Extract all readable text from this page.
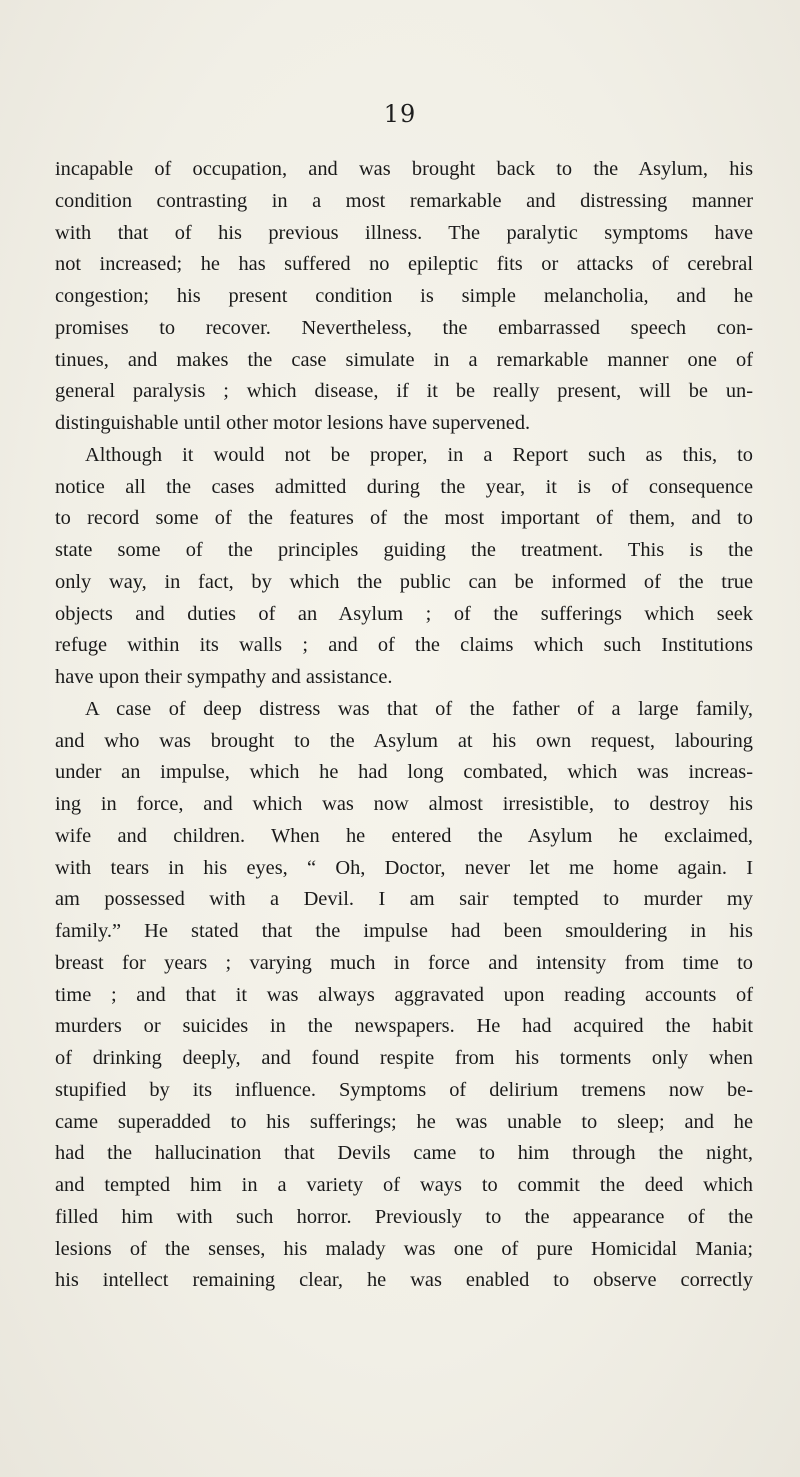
19
incapable of occupation, and was brought back to the Asylum, his
condition contrasting in a most remarkable and distressing manner
with that of his previous illness. The paralytic symptoms have
not increased; he has suffered no epileptic fits or attacks of cerebral
congestion; his present condition is simple melancholia, and he
promises to recover. Nevertheless, the embarrassed speech con-
tinues, and makes the case simulate in a remarkable manner one of
general paralysis ; which disease, if it be really present, will be un-
distinguishable until other motor lesions have supervened.
Although it would not be proper, in a Report such as this, to
notice all the cases admitted during the year, it is of consequence
to record some of the features of the most important of them, and to
state some of the principles guiding the treatment. This is the
only way, in fact, by which the public can be informed of the true
objects and duties of an Asylum ; of the sufferings which seek
refuge within its walls ; and of the claims which such Institutions
have upon their sympathy and assistance.
A case of deep distress was that of the father of a large family,
and who was brought to the Asylum at his own request, labouring
under an impulse, which he had long combated, which was increas-
ing in force, and which was now almost irresistible, to destroy his
wife and children. When he entered the Asylum he exclaimed,
with tears in his eyes, “ Oh, Doctor, never let me home again. I
am possessed with a Devil. I am sair tempted to murder my
family.” He stated that the impulse had been smouldering in his
breast for years ; varying much in force and intensity from time to
time ; and that it was always aggravated upon reading accounts of
murders or suicides in the newspapers. He had acquired the habit
of drinking deeply, and found respite from his torments only when
stupified by its influence. Symptoms of delirium tremens now be-
came superadded to his sufferings; he was unable to sleep; and he
had the hallucination that Devils came to him through the night,
and tempted him in a variety of ways to commit the deed which
filled him with such horror. Previously to the appearance of the
lesions of the senses, his malady was one of pure Homicidal Mania;
his intellect remaining clear, he was enabled to observe correctly
